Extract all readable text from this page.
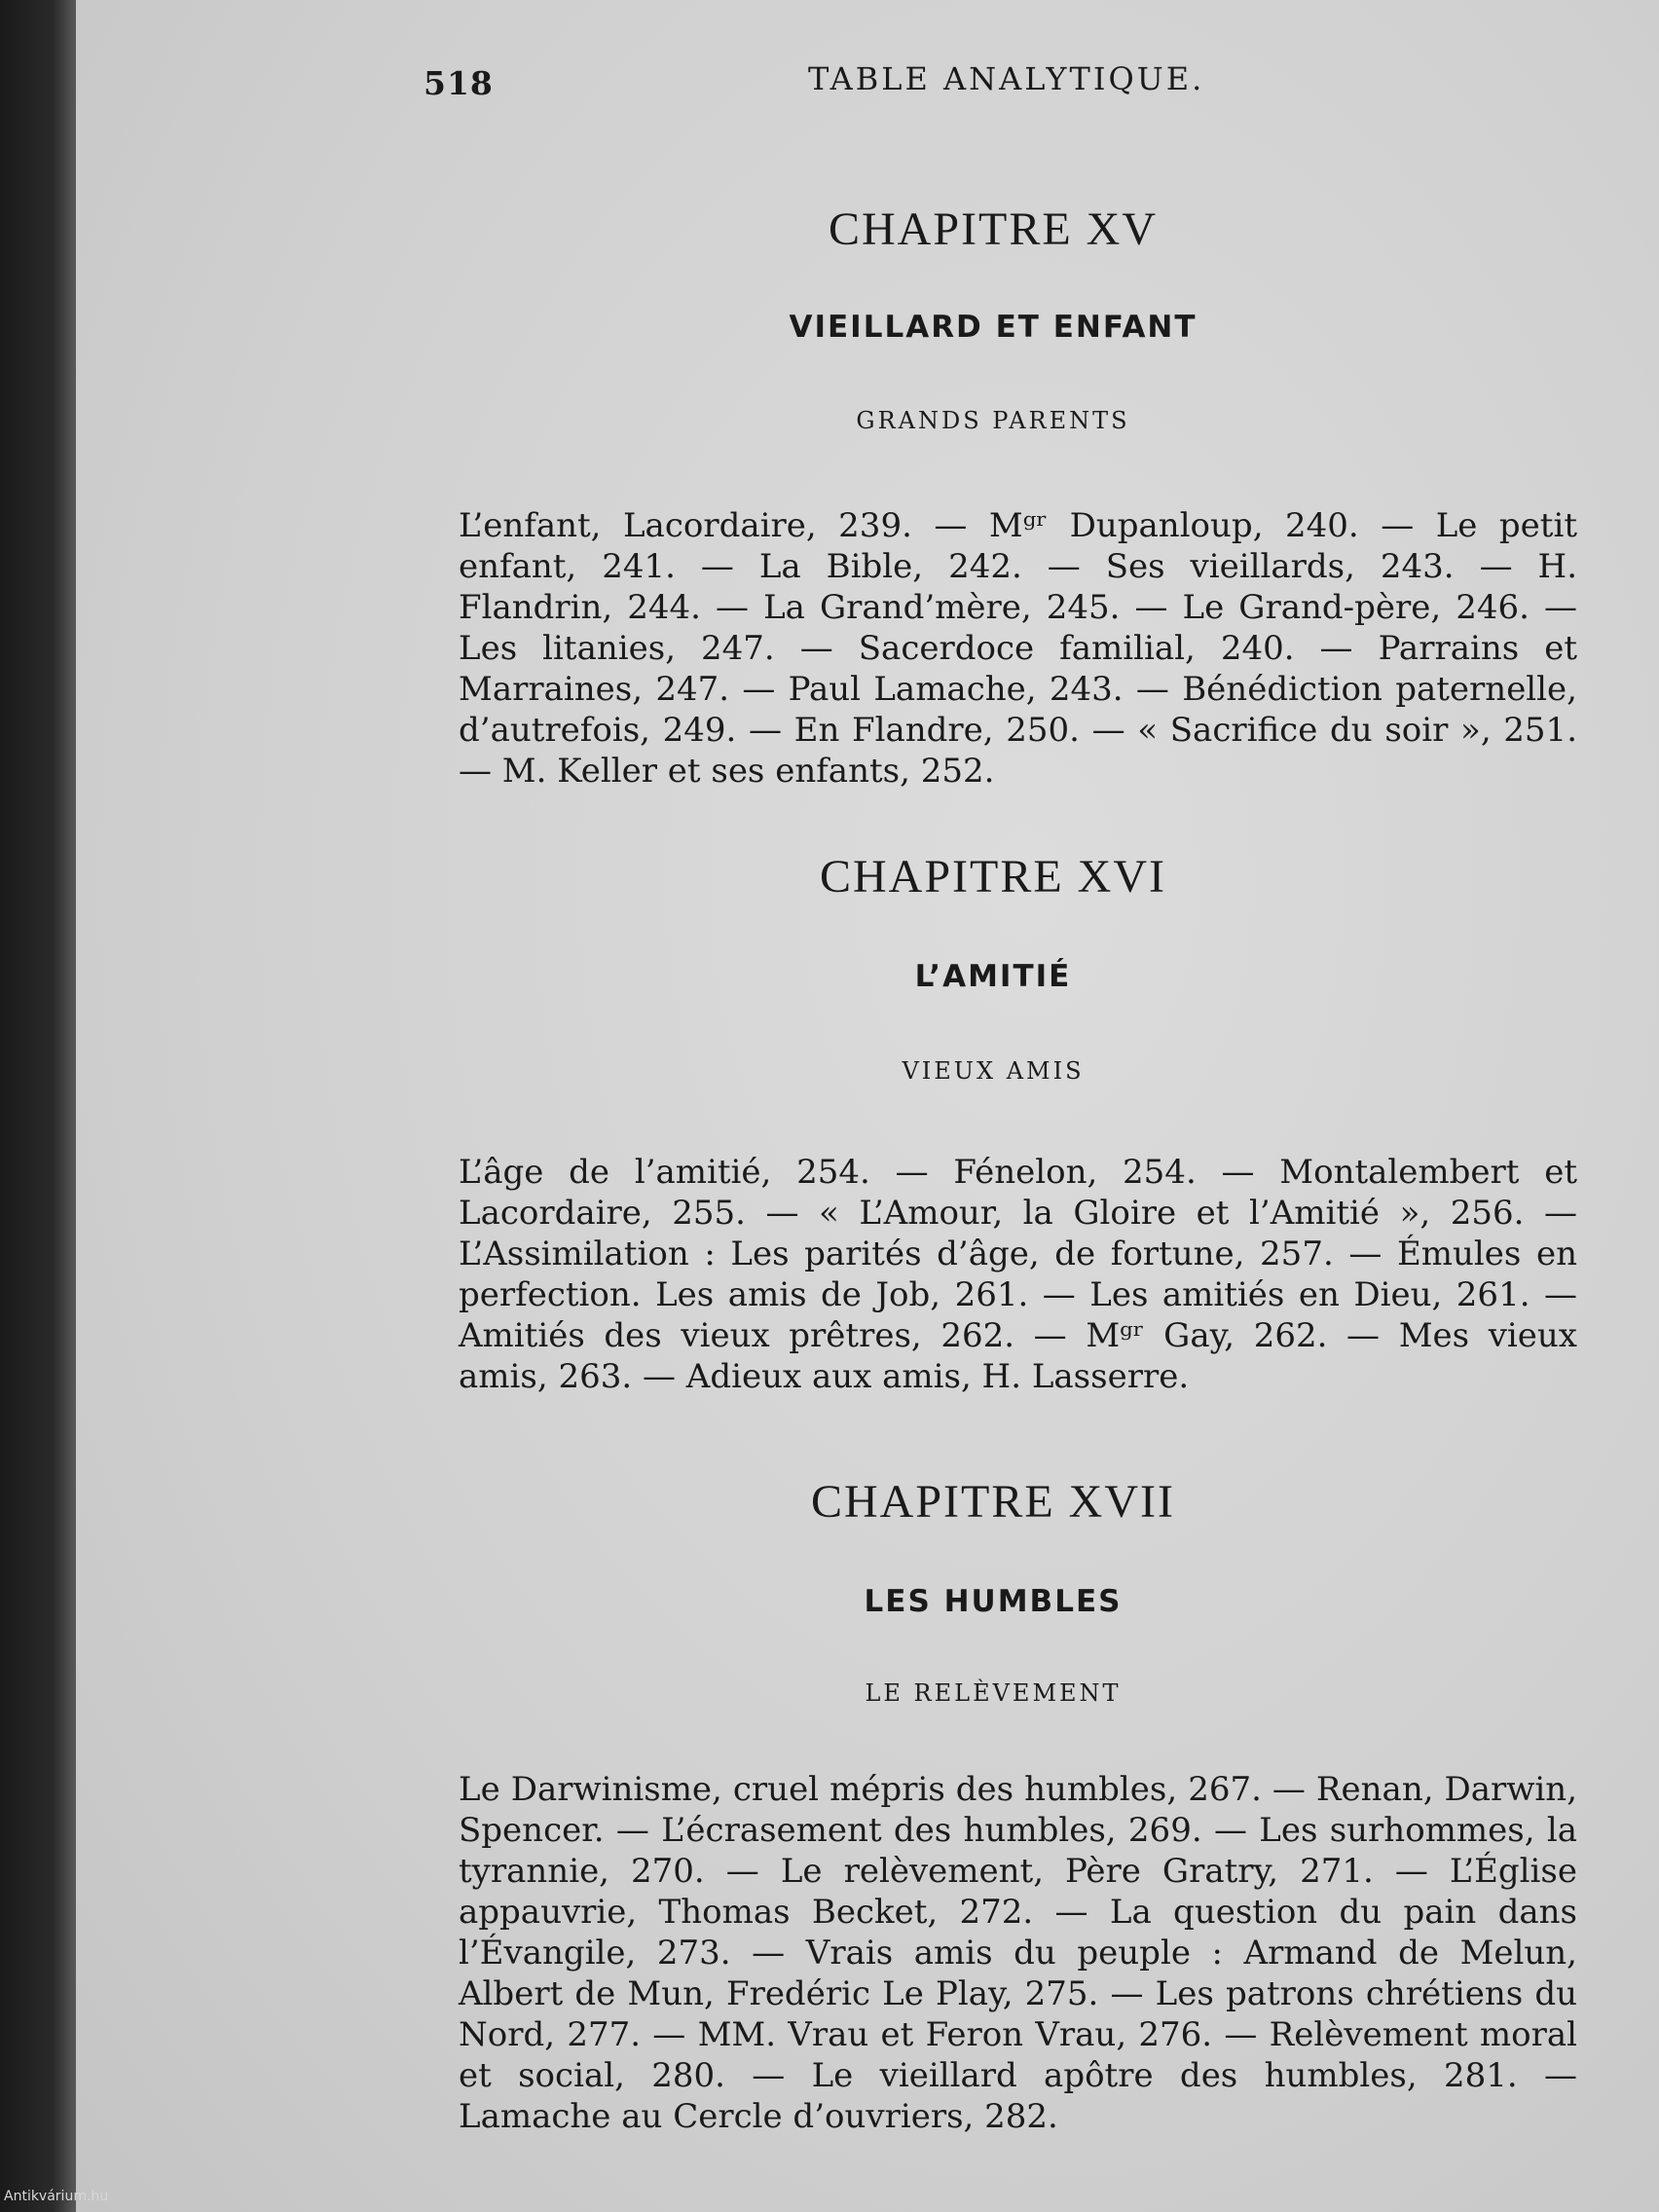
518	TABLE ANALYTIQUE.
CHAPITRE XV
VIEILLARD ET ENFANT
GRANDS PARENTS

L’enfant, Lacordaire, 239. — Mᵍʳ Dupanloup, 240. — Le petit enfant, 241. — La Bible, 242. — Ses vieillards, 243. — H. Flandrin, 244. — La Grand’mère, 245. — Le Grand-père, 246. — Les litanies, 247. — Sacerdoce familial, 240. — Parrains et Marraines, 247. — Paul Lamache, 243. — Bénédiction paternelle, d’autrefois, 249. — En Flandre, 250. — « Sacrifice du soir », 251. — M. Keller et ses enfants, 252.

CHAPITRE XVI
L’AMITIÉ
VIEUX AMIS

L’âge de l’amitié, 254. — Fénelon, 254. — Montalembert et Lacordaire, 255. — « L’Amour, la Gloire et l’Amitié », 256. — L’Assimilation : Les parités d’âge, de fortune, 257. — Émules en perfection. Les amis de Job, 261. — Les amitiés en Dieu, 261. — Amitiés des vieux prêtres, 262. — Mᵍʳ Gay, 262. — Mes vieux amis, 263. — Adieux aux amis, H. Lasserre.

CHAPITRE XVII
LES HUMBLES
LE RELÈVEMENT

Le Darwinisme, cruel mépris des humbles, 267. — Renan, Darwin, Spencer. — L’écrasement des humbles, 269. — Les surhommes, la tyrannie, 270. — Le relèvement, Père Gratry, 271. — L’Église appauvrie, Thomas Becket, 272. — La question du pain dans l’Évangile, 273. — Vrais amis du peuple : Armand de Melun, Albert de Mun, Fredéric Le Play, 275. — Les patrons chrétiens du Nord, 277. — MM. Vrau et Feron Vrau, 276. — Relèvement moral et social, 280. — Le vieillard apôtre des humbles, 281. — Lamache au Cercle d’ouvriers, 282.

Antikvárium.hu
